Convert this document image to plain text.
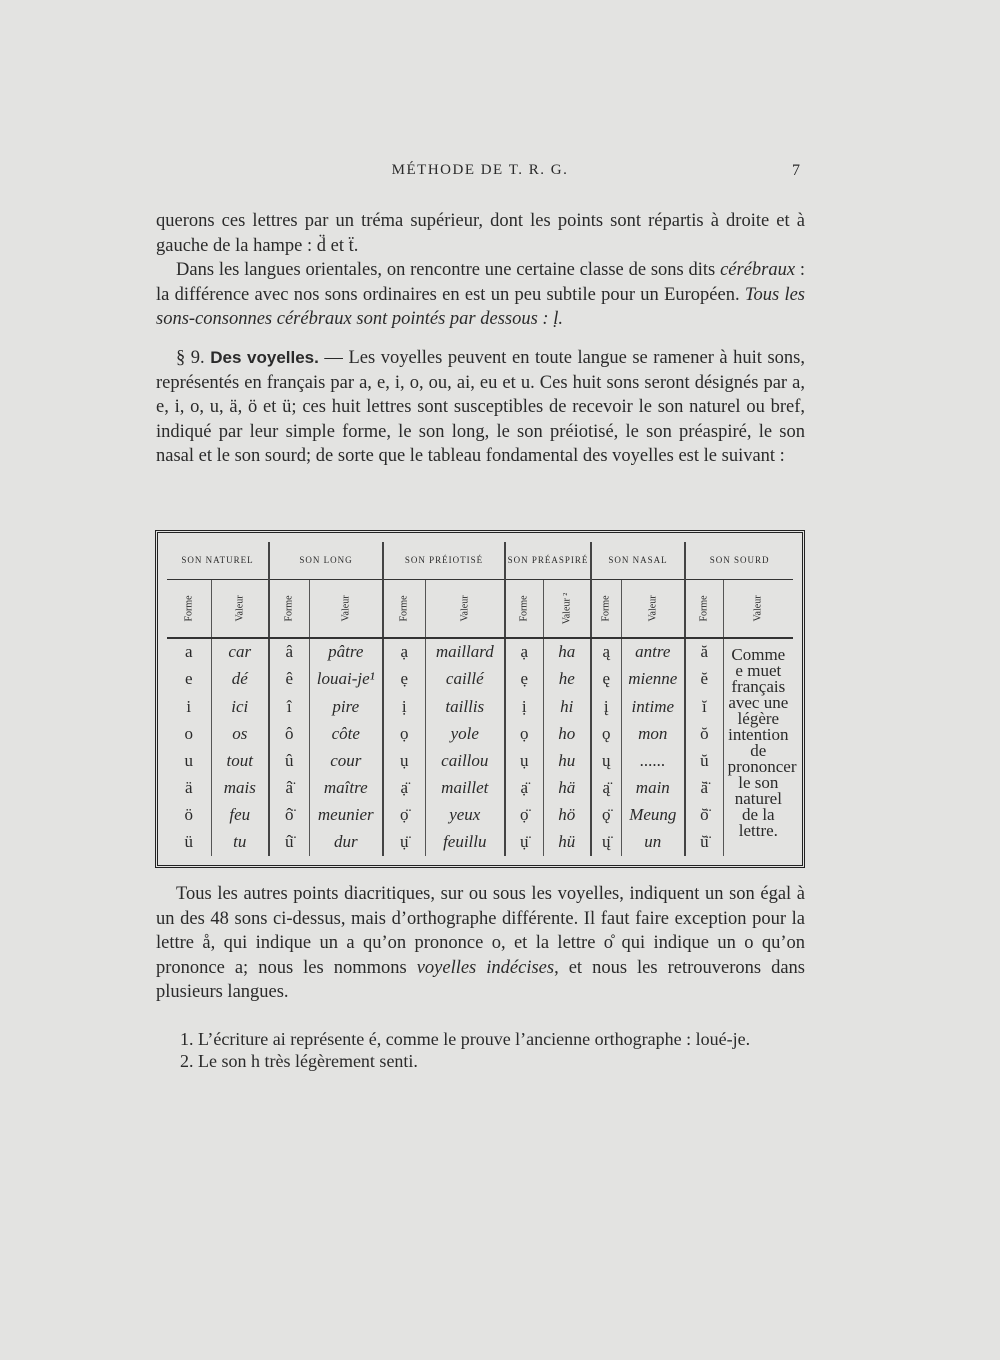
MÉTHODE DE T. R. G.	7

querons ces lettres par un tréma supérieur, dont les points sont répartis à droite et à gauche de la hampe : d̈ et ẗ.

Dans les langues orientales, on rencontre une certaine classe de sons dits cérébraux : la différence avec nos sons ordinaires en est un peu subtile pour un Européen. Tous les sons-consonnes cérébraux sont pointés par dessous : ḷ.

§ 9. Des voyelles. — Les voyelles peuvent en toute langue se ramener à huit sons, représentés en français par a, e, i, o, ou, ai, eu et u. Ces huit sons seront désignés par a, e, i, o, u, ä, ö et ü; ces huit lettres sont susceptibles de recevoir le son naturel ou bref, indiqué par leur simple forme, le son long, le son préiotisé, le son préaspiré, le son nasal et le son sourd; de sorte que le tableau fondamental des voyelles est le suivant :

SON NATUREL		SON LONG		SON PRÉIOTISÉ		SON PRÉASPIRÉ		SON NASAL		SON SOURD	
Forme	Valeur	Forme	Valeur	Forme	Valeur	Forme	Valeur ²	Forme	Valeur	Forme	Valeur
a	car	â	pâtre	ạ	maillard	ạ	ha	ą	antre	ă	Comme e muet français avec une légère intention de prononcer le son naturel de la lettre.
e	dé	ê	louai-je¹	ẹ	caillé	ẹ	he	ę	mienne	ĕ	
i	ici	î	pire	ị	taillis	ị	hi	į	intime	ĭ	
o	os	ô	côte	ọ	yole	ọ	ho	ǫ	mon	ŏ	
u	tout	û	cour	ụ	caillou	ụ	hu	ų	......	ŭ	
ä	mais	â̈	maître	ạ̈	maillet	ạ̈	hä	ą̈	main	ă̈	
ö	feu	ô̈	meunier	ọ̈	yeux	ọ̈	hö	ǫ̈	Meung	ŏ̈	
ü	tu	û̈	dur	ụ̈	feuillu	ụ̈	hü	ų̈	un	ŭ̈	

Tous les autres points diacritiques, sur ou sous les voyelles, indiquent un son égal à un des 48 sons ci-dessus, mais d’orthographe différente. Il faut faire exception pour la lettre å, qui indique un a qu’on prononce o, et la lettre o̊ qui indique un o qu’on prononce a; nous les nommons voyelles indécises, et nous les retrouverons dans plusieurs langues.

1. L’écriture ai représente é, comme le prouve l’ancienne orthographe : loué-je.

2. Le son h très légèrement senti.
